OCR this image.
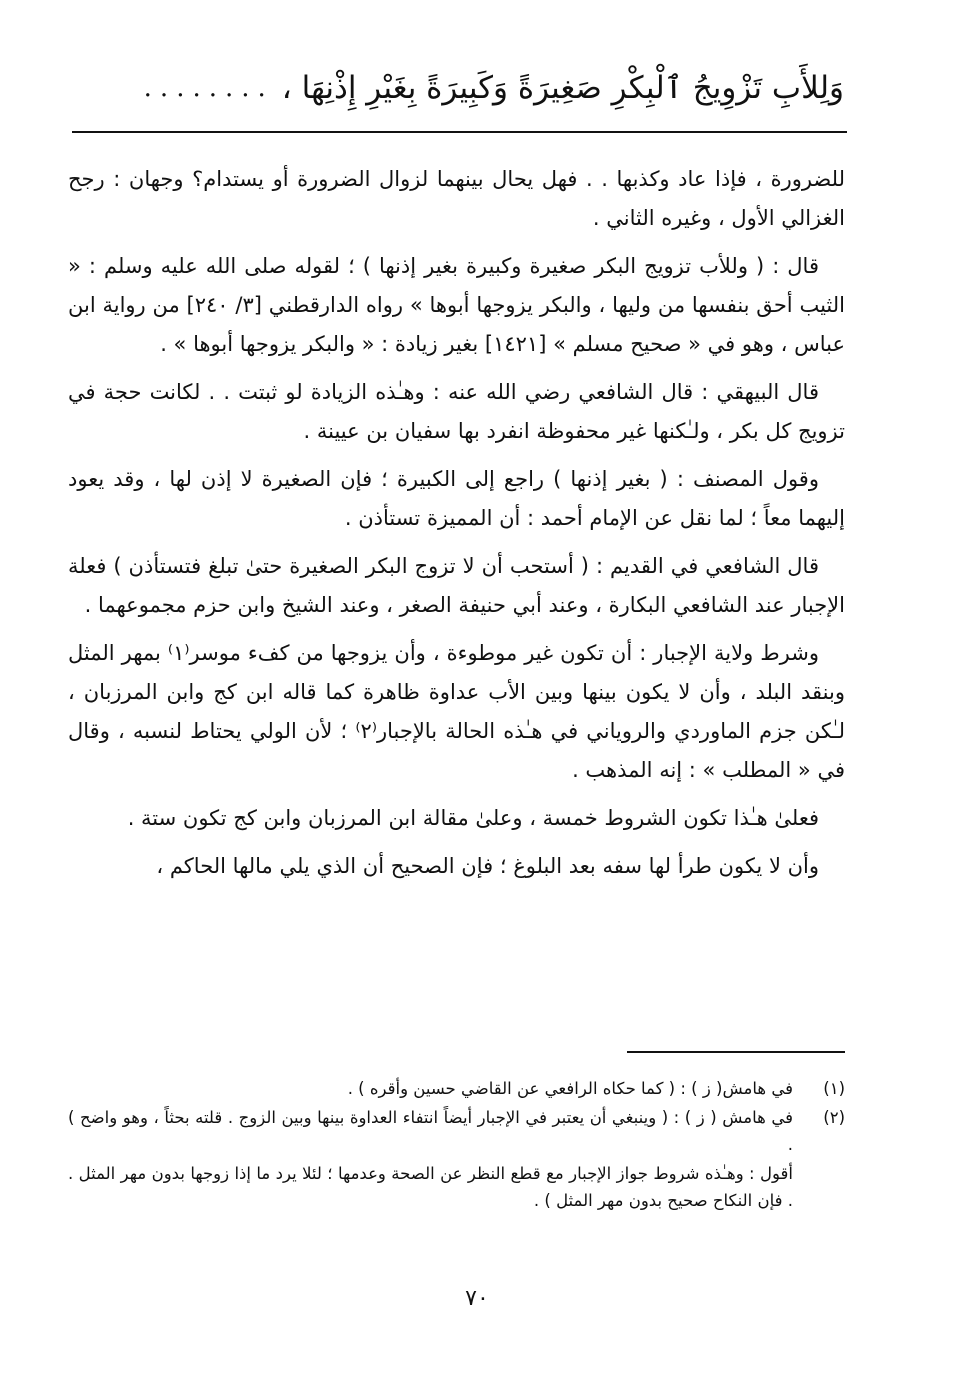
وَلِلأَبِ تَزْوِيجُ ٱلْبِكْرِ صَغِيرَةً وَكَبِيرَةً بِغَيْرِ إِذْنِهَا ،
........

للضرورة ، فإذا عاد وكذبها . . فهل يحال بينهما لزوال الضرورة أو يستدام؟ وجهان : رجح الغزالي الأول ، وغيره الثاني .

قال : ( وللأب تزويج البكر صغيرة وكبيرة بغير إذنها ) ؛ لقوله صلى الله عليه وسلم : « الثيب أحق بنفسها من وليها ، والبكر يزوجها أبوها » رواه الدارقطني [٣/ ٢٤٠] من رواية ابن عباس ، وهو في « صحيح مسلم » [١٤٢١] بغير زيادة : « والبكر يزوجها أبوها » .

قال البيهقي : قال الشافعي رضي الله عنه : وهـٰذه الزيادة لو ثبتت . . لكانت حجة في تزويج كل بكر ، ولـٰكنها غير محفوظة انفرد بها سفيان بن عيينة .

وقول المصنف : ( بغير إذنها ) راجع إلى الكبيرة ؛ فإن الصغيرة لا إذن لها ، وقد يعود إليهما معاً ؛ لما نقل عن الإمام أحمد : أن المميزة تستأذن .

قال الشافعي في القديم : ( أستحب أن لا تزوج البكر الصغيرة حتىٰ تبلغ فتستأذن ) فعلة الإجبار عند الشافعي البكارة ، وعند أبي حنيفة الصغر ، وعند الشيخ وابن حزم مجموعهما .

وشرط ولاية الإجبار : أن تكون غير موطوءة ، وأن يزوجها من كفء موسر⁽١⁾ بمهر المثل وبنقد البلد ، وأن لا يكون بينها وبين الأب عداوة ظاهرة كما قاله ابن كج وابن المرزبان ، لـٰكن جزم الماوردي والروياني في هـٰذه الحالة بالإجبار⁽٢⁾ ؛ لأن الولي يحتاط لنسبه ، وقال في « المطلب » : إنه المذهب .

فعلىٰ هـٰذا تكون الشروط خمسة ، وعلىٰ مقالة ابن المرزبان وابن كج تكون ستة .

وأن لا يكون طرأ لها سفه بعد البلوغ ؛ فإن الصحيح أن الذي يلي مالها الحاكم ،

(١)
في هامش( ز ) : ( كما حكاه الرافعي عن القاضي حسين وأقره ) .
(٢)
في هامش ( ز ) : ( وينبغي أن يعتبر في الإجبار أيضاً انتفاء العداوة بينها وبين الزوج . قلته بحثاً ، وهو واضح ) .
أقول : وهـٰذه شروط جواز الإجبار مع قطع النظر عن الصحة وعدمها ؛ لئلا يرد ما إذا زوجها بدون مهر المثل . . فإن النكاح صحيح بدون مهر المثل ) .
٧٠
